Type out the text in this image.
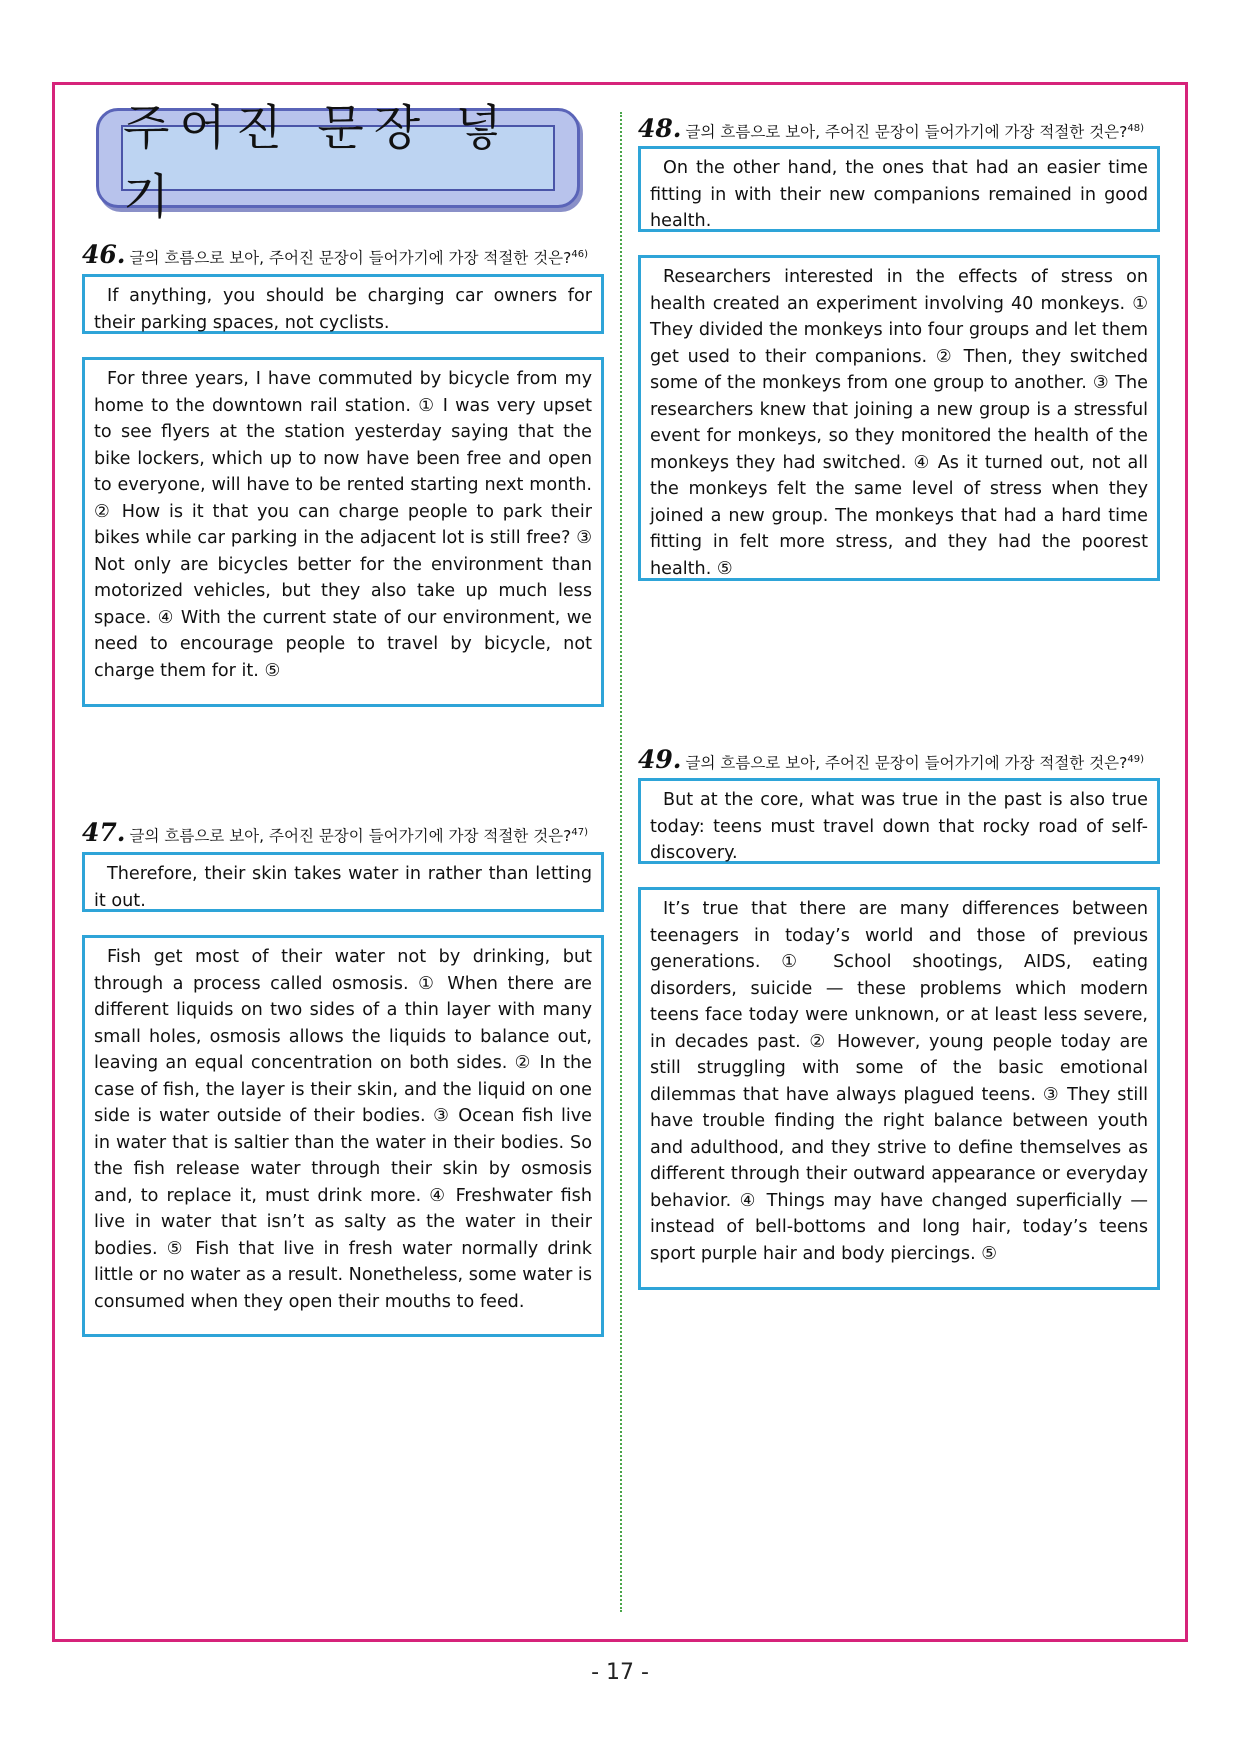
주어진 문장 넣기
46. 글의 흐름으로 보아, 주어진 문장이 들어가기에 가장 적절한 것은?$^{46)}$
If anything, you should be charging car owners for their parking spaces, not cyclists.
For three years, I have commuted by bicycle from my home to the downtown rail station. ① I was very upset to see flyers at the station yesterday saying that the bike lockers, which up to now have been free and open to everyone, will have to be rented starting next month. ② How is it that you can charge people to park their bikes while car parking in the adjacent lot is still free? ③ Not only are bicycles better for the environment than motorized vehicles, but they also take up much less space. ④ With the current state of our environment, we need to encourage people to travel by bicycle, not charge them for it. ⑤
47. 글의 흐름으로 보아, 주어진 문장이 들어가기에 가장 적절한 것은?$^{47)}$
Therefore, their skin takes water in rather than letting it out.
Fish get most of their water not by drinking, but through a process called osmosis. ① When there are different liquids on two sides of a thin layer with many small holes, osmosis allows the liquids to balance out, leaving an equal concentration on both sides. ② In the case of fish, the layer is their skin, and the liquid on one side is water outside of their bodies. ③ Ocean fish live in water that is saltier than the water in their bodies. So the fish release water through their skin by osmosis and, to replace it, must drink more. ④ Freshwater fish live in water that isn’t as salty as the water in their bodies. ⑤ Fish that live in fresh water normally drink little or no water as a result. Nonetheless, some water is consumed when they open their mouths to feed.
48. 글의 흐름으로 보아, 주어진 문장이 들어가기에 가장 적절한 것은?$^{48)}$
On the other hand, the ones that had an easier time fitting in with their new companions remained in good health.
Researchers interested in the effects of stress on health created an experiment involving 40 monkeys. ① They divided the monkeys into four groups and let them get used to their companions. ② Then, they switched some of the monkeys from one group to another. ③ The researchers knew that joining a new group is a stressful event for monkeys, so they monitored the health of the monkeys they had switched. ④ As it turned out, not all the monkeys felt the same level of stress when they joined a new group. The monkeys that had a hard time fitting in felt more stress, and they had the poorest health. ⑤
49. 글의 흐름으로 보아, 주어진 문장이 들어가기에 가장 적절한 것은?$^{49)}$
But at the core, what was true in the past is also true today: teens must travel down that rocky road of self-discovery.
It’s true that there are many differences between teenagers in today’s world and those of previous generations. ① School shootings, AIDS, eating disorders, suicide — these problems which modern teens face today were unknown, or at least less severe, in decades past. ② However, young people today are still struggling with some of the basic emotional dilemmas that have always plagued teens. ③ They still have trouble finding the right balance between youth and adulthood, and they strive to define themselves as different through their outward appearance or everyday behavior. ④ Things may have changed superficially — instead of bell-bottoms and long hair, today’s teens sport purple hair and body piercings. ⑤
- 17 -
